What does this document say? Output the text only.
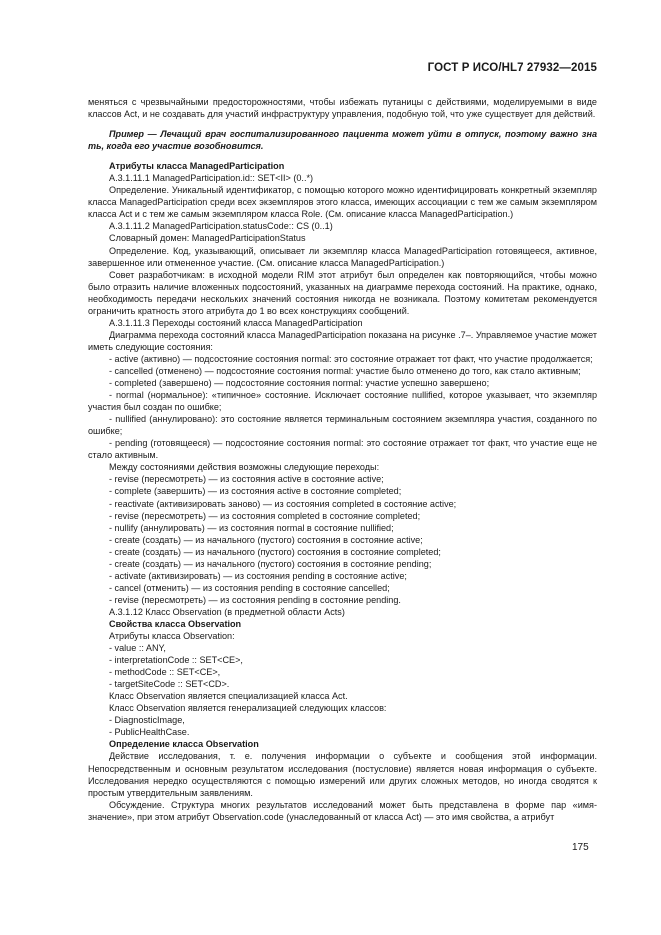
ГОСТ Р ИСО/HL7 27932—2015

меняться с чрезвычайными предосторожностями, чтобы избежать путаницы с действиями, моделируемыми в виде классов Act, и не создавать для участий инфраструктуру управления, подобную той, что уже существует для действий.

Пример — Лечащий врач госпитализированного пациента может уйти в отпуск, поэтому важно зна ть, когда его участие возобновится.

Атрибуты класса ManagedParticipation

A.3.1.11.1 ManagedParticipation.id:: SET<II> (0..*)

Определение. Уникальный идентификатор, с помощью которого можно идентифицировать конкретный экземпляр класса ManagedParticipation среди всех экземпляров этого класса, имеющих ассоциации с тем же самым экземпляром класса Act и с тем же самым экземпляром класса Role. (См. описание класса ManagedParticipation.)

A.3.1.11.2 ManagedParticipation.statusCode:: CS (0..1)

Словарный домен: ManagedParticipationStatus

Определение. Код, указывающий, описывает ли экземпляр класса ManagedParticipation готовящееся, активное, завершенное или отмененное участие. (См. описание класса ManagedParticipation.)

Совет разработчикам: в исходной модели RIM этот атрибут был определен как повторяющийся, чтобы можно было отразить наличие вложенных подсостояний, указанных на диаграмме перехода состояний. На практике, однако, необходимость передачи нескольких значений состояния никогда не возникала. Поэтому комитетам рекомендуется ограничить кратность этого атрибута до 1 во всех конструкциях сообщений.

A.3.1.11.3 Переходы состояний класса ManagedParticipation

Диаграмма перехода состояний класса ManagedParticipation показана на рисунке .7–. Управляемое участие может иметь следующие состояния:

- active (активно) — подсостояние состояния normal: это состояние отражает тот факт, что участие продолжается;

- cancelled (отменено) — подсостояние состояния normal: участие было отменено до того, как стало активным;

- completed (завершено) — подсостояние состояния normal: участие успешно завершено;

- normal (нормальное): «типичное» состояние. Исключает состояние nullified, которое указывает, что экземпляр участия был создан по ошибке;

- nullified (аннулировано): это состояние является терминальным состоянием экземпляра участия, созданного по ошибке;

- pending (готовящееся) — подсостояние состояния normal: это состояние отражает тот факт, что участие еще не стало активным.

Между состояниями действия возможны следующие переходы:

- revise (пересмотреть) — из состояния active в состояние active;

- complete (завершить) — из состояния active в состояние completed;

- reactivate (активизировать заново) — из состояния completed в состояние active;

- revise (пересмотреть) — из состояния completed в состояние completed;

- nullify (аннулировать) — из состояния normal в состояние nullified;

- create (создать) — из начального (пустого) состояния в состояние active;

- create (создать) — из начального (пустого) состояния в состояние completed;

- create (создать) — из начального (пустого) состояния в состояние pending;

- activate (активизировать) — из состояния pending в состояние active;

- cancel (отменить) — из состояния pending в состояние cancelled;

- revise (пересмотреть) — из состояния pending в состояние pending.

A.3.1.12 Класс Observation (в предметной области Acts)

Свойства класса Observation

Атрибуты класса Observation:

- value :: ANY,

- interpretationCode :: SET<CE>,

- methodCode :: SET<CE>,

- targetSiteCode :: SET<CD>.

Класс Observation является специализацией класса Act.

Класс Observation является генерализацией следующих классов:

- DiagnosticImage,

- PublicHealthCase.

Определение класса Observation

Действие исследования, т. е. получения информации о субъекте и сообщения этой информации. Непосредственным и основным результатом исследования (постусловие) является новая информация о субъекте. Исследования нередко осуществляются с помощью измерений или других сложных методов, но иногда сводятся к простым утвердительным заявлениям.

Обсуждение. Структура многих результатов исследований может быть представлена в форме пар «имя-значение», при этом атрибут Observation.code (унаследованный от класса Act) — это имя свойства, а атрибут

175
